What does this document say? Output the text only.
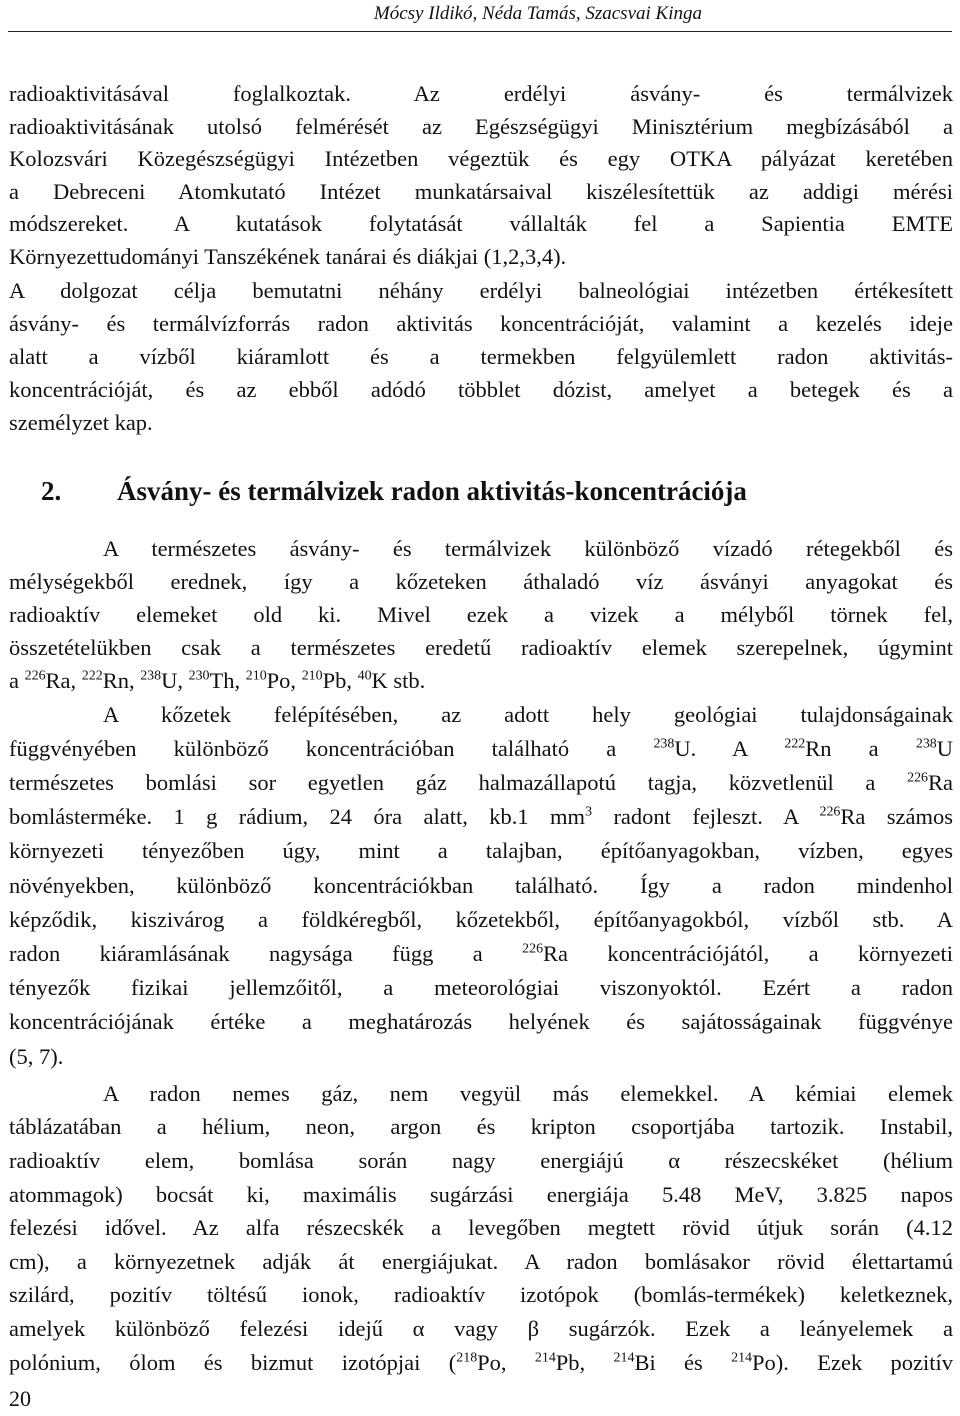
Mócsy Ildikó, Néda Tamás, Szacsvai Kinga
radioaktivitásával foglalkoztak. Az erdélyi ásvány- és termálvizek
radioaktivitásának utolsó felmérését az Egészségügyi Minisztérium megbízásából a
Kolozsvári Közegészségügyi Intézetben végeztük és egy OTKA pályázat keretében
a Debreceni Atomkutató Intézet munkatársaival kiszélesítettük az addigi mérési
módszereket. A kutatások folytatását vállalták fel a Sapientia EMTE
Környezettudományi Tanszékének tanárai és diákjai (1,2,3,4).
A dolgozat célja bemutatni néhány erdélyi balneológiai intézetben értékesített
ásvány- és termálvízforrás radon aktivitás koncentrációját, valamint a kezelés ideje
alatt a vízből kiáramlott és a termekben felgyülemlett radon aktivitás-
koncentrációját, és az ebből adódó többlet dózist, amelyet a betegek és a
személyzet kap.
2. Ásvány- és termálvizek radon aktivitás-koncentrációja
A természetes ásvány- és termálvizek különböző vízadó rétegekből és
mélységekből erednek, így a kőzeteken áthaladó víz ásványi anyagokat és
radioaktív elemeket old ki. Mivel ezek a vizek a mélyből törnek fel,
összetételükben csak a természetes eredetű radioaktív elemek szerepelnek, úgymint
a $^{226}$Ra, $^{222}$Rn, $^{238}$U, $^{230}$Th, $^{210}$Po, $^{210}$Pb, $^{40}$K stb.
A kőzetek felépítésében, az adott hely geológiai tulajdonságainak
függvényében különböző koncentrációban található a $^{238}$U. A $^{222}$Rn a $^{238}$U
természetes bomlási sor egyetlen gáz halmazállapotú tagja, közvetlenül a $^{226}$Ra
bomlásterméke. 1 g rádium, 24 óra alatt, kb.1 $mm^3$ radont fejleszt. A $^{226}$Ra számos
környezeti tényezőben úgy, mint a talajban, építőanyagokban, vízben, egyes
növényekben, különböző koncentrációkban található. Így a radon mindenhol
képződik, kiszivárog a földkéregből, kőzetekből, építőanyagokból, vízből stb. A
radon kiáramlásának nagysága függ a $^{226}$Ra koncentrációjától, a környezeti
tényezők fizikai jellemzőitől, a meteorológiai viszonyoktól. Ezért a radon
koncentrációjának értéke a meghatározás helyének és sajátosságainak függvénye
(5, 7).
A radon nemes gáz, nem vegyül más elemekkel. A kémiai elemek
táblázatában a hélium, neon, argon és kripton csoportjába tartozik. Instabil,
radioaktív elem, bomlása során nagy energiájú α részecskéket (hélium
atommagok) bocsát ki, maximális sugárzási energiája 5.48 MeV, 3.825 napos
felezési idővel. Az alfa részecskék a levegőben megtett rövid útjuk során (4.12
cm), a környezetnek adják át energiájukat. A radon bomlásakor rövid élettartamú
szilárd, pozitív töltésű ionok, radioaktív izotópok (bomlás-termékek) keletkeznek,
amelyek különböző felezési idejű α vagy β sugárzók. Ezek a leányelemek a
polónium, ólom és bizmut izotópjai ($^{218}$Po, $^{214}$Pb, $^{214}$Bi és $^{214}$Po). Ezek pozitív
20
